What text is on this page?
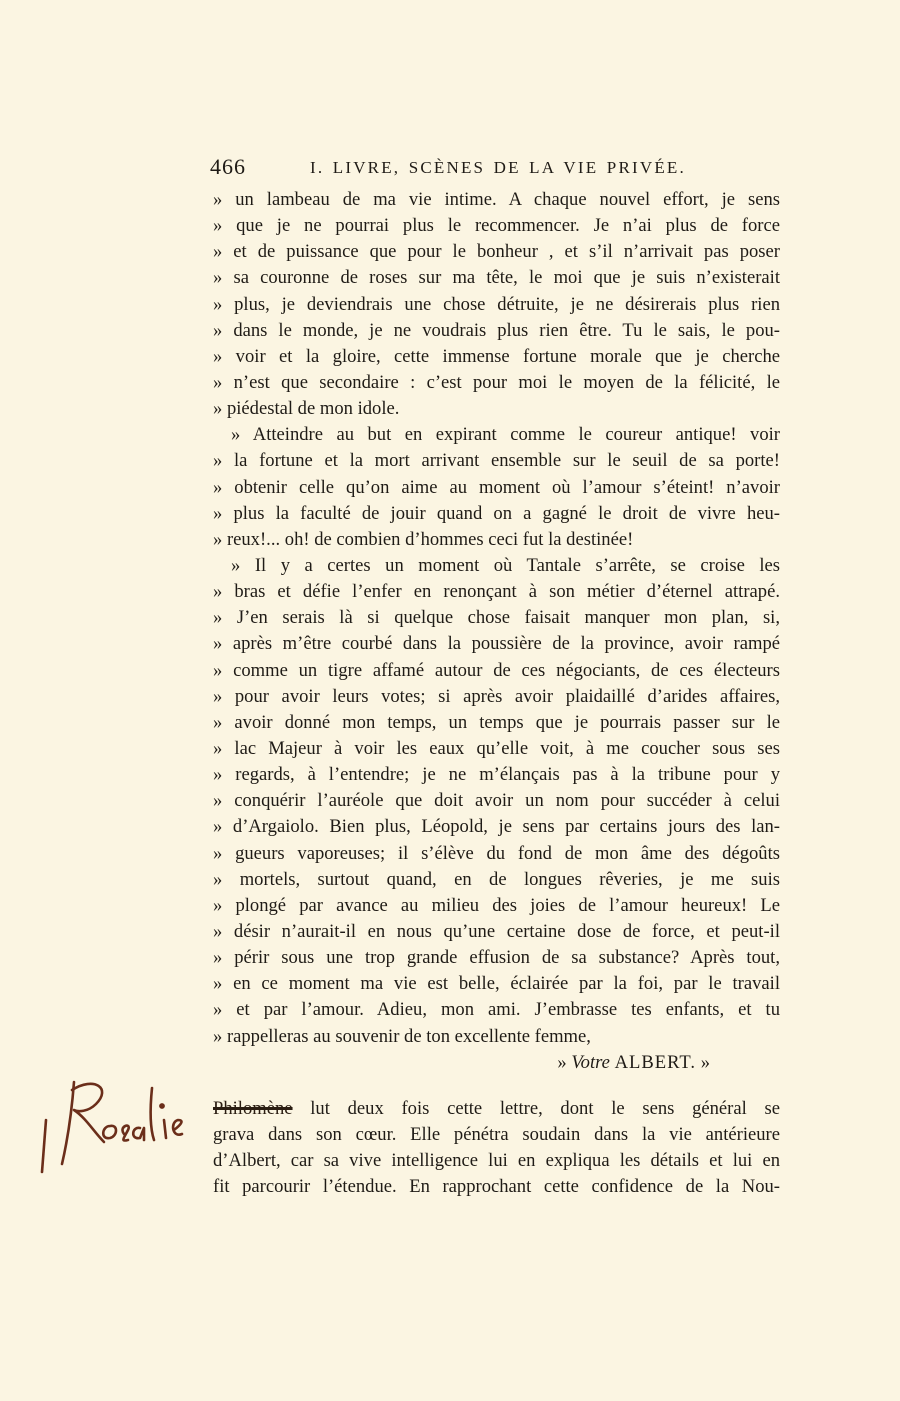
466	I. LIVRE, SCÈNES DE LA VIE PRIVÉE.
» un lambeau de ma vie intime. A chaque nouvel effort, je sens
» que je ne pourrai plus le recommencer. Je n’ai plus de force
» et de puissance que pour le bonheur , et s’il n’arrivait pas poser
» sa couronne de roses sur ma tête, le moi que je suis n’existerait
» plus, je deviendrais une chose détruite, je ne désirerais plus rien
» dans le monde, je ne voudrais plus rien être. Tu le sais, le pou-
» voir et la gloire, cette immense fortune morale que je cherche
» n’est que secondaire : c’est pour moi le moyen de la félicité, le
» piédestal de mon idole.
» Atteindre au but en expirant comme le coureur antique! voir
» la fortune et la mort arrivant ensemble sur le seuil de sa porte!
» obtenir celle qu’on aime au moment où l’amour s’éteint! n’avoir
» plus la faculté de jouir quand on a gagné le droit de vivre heu-
» reux!... oh! de combien d’hommes ceci fut la destinée!
» Il y a certes un moment où Tantale s’arrête, se croise les
» bras et défie l’enfer en renonçant à son métier d’éternel attrapé.
» J’en serais là si quelque chose faisait manquer mon plan, si,
» après m’être courbé dans la poussière de la province, avoir rampé
» comme un tigre affamé autour de ces négociants, de ces électeurs
» pour avoir leurs votes; si après avoir plaidaillé d’arides affaires,
» avoir donné mon temps, un temps que je pourrais passer sur le
» lac Majeur à voir les eaux qu’elle voit, à me coucher sous ses
» regards, à l’entendre; je ne m’élançais pas à la tribune pour y
» conquérir l’auréole que doit avoir un nom pour succéder à celui
» d’Argaiolo. Bien plus, Léopold, je sens par certains jours des lan-
» gueurs vaporeuses; il s’élève du fond de mon âme des dégoûts
» mortels, surtout quand, en de longues rêveries, je me suis
» plongé par avance au milieu des joies de l’amour heureux! Le
» désir n’aurait-il en nous qu’une certaine dose de force, et peut-il
» périr sous une trop grande effusion de sa substance? Après tout,
» en ce moment ma vie est belle, éclairée par la foi, par le travail
» et par l’amour. Adieu, mon ami. J’embrasse tes enfants, et tu
» rappelleras au souvenir de ton excellente femme,
» Votre ALBERT. »
Philomène lut deux fois cette lettre, dont le sens général se
grava dans son cœur. Elle pénétra soudain dans la vie antérieure
d’Albert, car sa vive intelligence lui en expliqua les détails et lui en
fit parcourir l’étendue. En rapprochant cette confidence de la Nou-
